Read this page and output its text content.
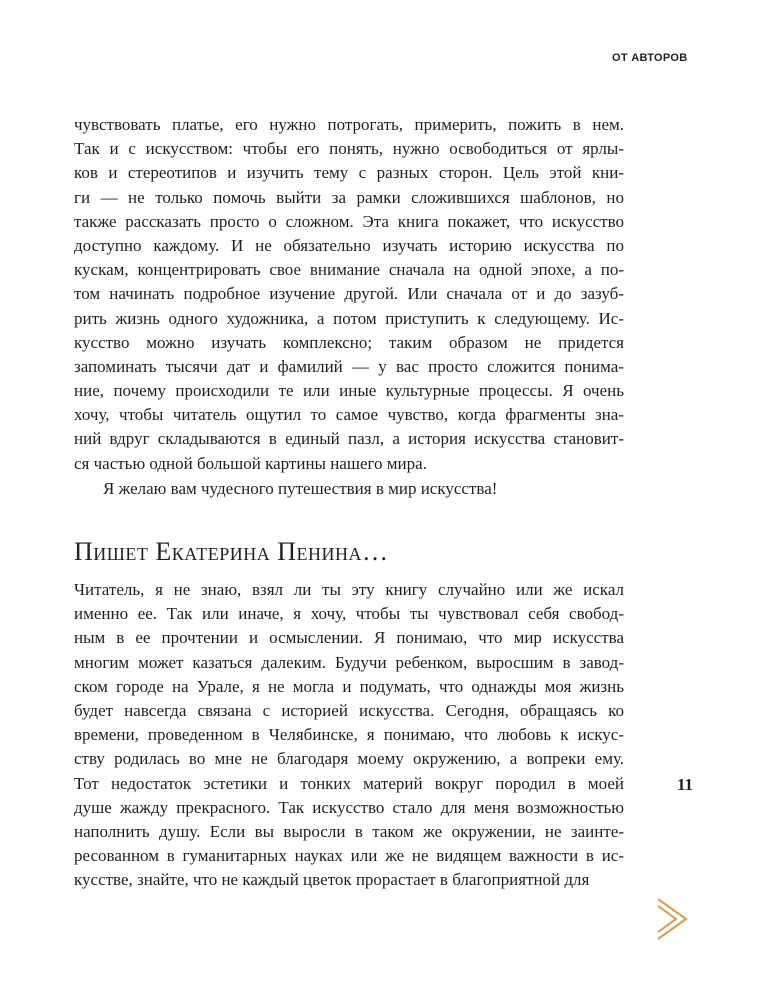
ОТ АВТОРОВ
чувствовать платье, его нужно потрогать, примерить, пожить в нем.
Так и с искусством: чтобы его понять, нужно освободиться от ярлы-
ков и стереотипов и изучить тему с разных сторон. Цель этой кни-
ги — не только помочь выйти за рамки сложившихся шаблонов, но
также рассказать просто о сложном. Эта книга покажет, что искусство
доступно каждому. И не обязательно изучать историю искусства по
кускам, концентрировать свое внимание сначала на одной эпохе, а по-
том начинать подробное изучение другой. Или сначала от и до зазуб-
рить жизнь одного художника, а потом приступить к следующему. Ис-
кусство можно изучать комплексно; таким образом не придется
запоминать тысячи дат и фамилий — у вас просто сложится понима-
ние, почему происходили те или иные культурные процессы. Я очень
хочу, чтобы читатель ощутил то самое чувство, когда фрагменты зна-
ний вдруг складываются в единый пазл, а история искусства становит-
ся частью одной большой картины нашего мира.
Я желаю вам чудесного путешествия в мир искусства!
Пишет Екатерина Пенина…
Читатель, я не знаю, взял ли ты эту книгу случайно или же искал
именно ее. Так или иначе, я хочу, чтобы ты чувствовал себя свобод-
ным в ее прочтении и осмыслении. Я понимаю, что мир искусства
многим может казаться далеким. Будучи ребенком, выросшим в завод-
ском городе на Урале, я не могла и подумать, что однажды моя жизнь
будет навсегда связана с историей искусства. Сегодня, обращаясь ко
времени, проведенном в Челябинске, я понимаю, что любовь к искус-
ству родилась во мне не благодаря моему окружению, а вопреки ему.
Тот недостаток эстетики и тонких материй вокруг породил в моей
душе жажду прекрасного. Так искусство стало для меня возможностью
наполнить душу. Если вы выросли в таком же окружении, не заинте-
ресованном в гуманитарных науках или же не видящем важности в ис-
кусстве, знайте, что не каждый цветок прорастает в благоприятной для
11
